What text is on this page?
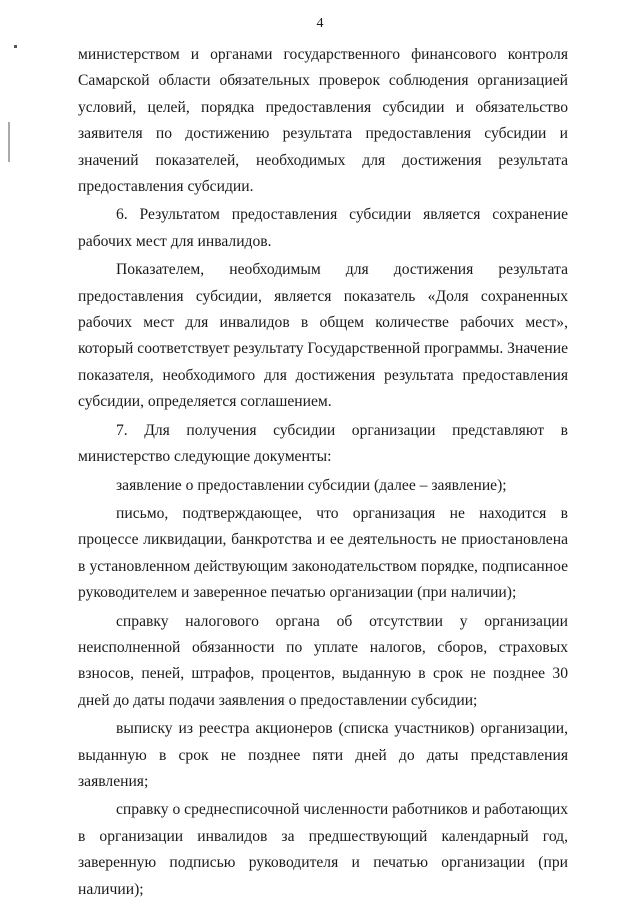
4

министерством и органами государственного финансового контроля Самарской области обязательных проверок соблюдения организацией условий, целей, порядка предоставления субсидии и обязательство заявителя по достижению результата предоставления субсидии и значений показателей, необходимых для достижения результата предоставления субсидии.

6. Результатом предоставления субсидии является сохранение рабочих мест для инвалидов.

Показателем, необходимым для достижения результата предоставления субсидии, является показатель «Доля сохраненных рабочих мест для инвалидов в общем количестве рабочих мест», который соответствует результату Государственной программы. Значение показателя, необходимого для достижения результата предоставления субсидии, определяется соглашением.

7. Для получения субсидии организации представляют в министерство следующие документы:

заявление о предоставлении субсидии (далее – заявление);

письмо, подтверждающее, что организация не находится в процессе ликвидации, банкротства и ее деятельность не приостановлена в установленном действующим законодательством порядке, подписанное руководителем и заверенное печатью организации (при наличии);

справку налогового органа об отсутствии у организации неисполненной обязанности по уплате налогов, сборов, страховых взносов, пеней, штрафов, процентов, выданную в срок не позднее 30 дней до даты подачи заявления о предоставлении субсидии;

выписку из реестра акционеров (списка участников) организации, выданную в срок не позднее пяти дней до даты представления заявления;

справку о среднесписочной численности работников и работающих в организации инвалидов за предшествующий календарный год, заверенную подписью руководителя и печатью организации (при наличии);
